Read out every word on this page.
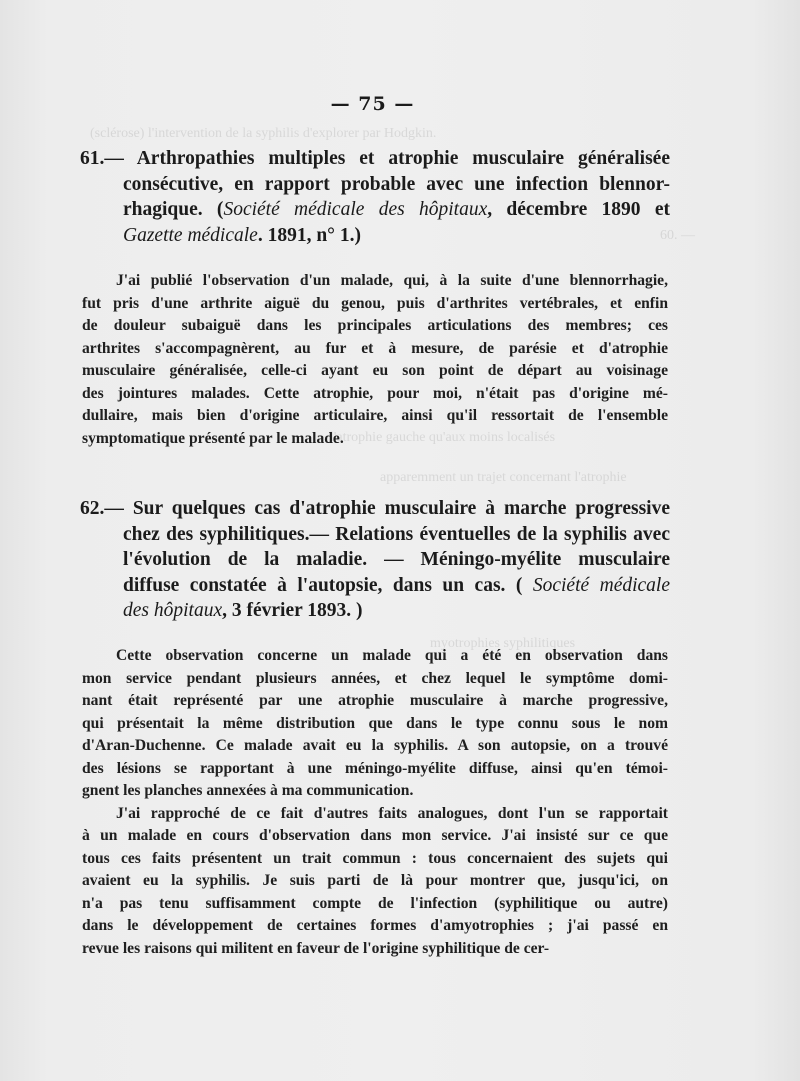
(sclérose) l'intervention de la syphilis d'explorer par Hodgkin.
60. —
l'atrophie gauche qu'aux moins localisés
apparemment un trajet concernant l'atrophie
myotrophies syphilitiques
— 75 —
61.— Arthropathies multiples et atrophie musculaire généralisée
consécutive, en rapport probable avec une infection blennor-
rhagique. (Société médicale des hôpitaux, décembre 1890 et
Gazette médicale. 1891, n° 1.)
J'ai publié l'observation d'un malade, qui, à la suite d'une blennorrhagie,
fut pris d'une arthrite aiguë du genou, puis d'arthrites vertébrales, et enfin
de douleur subaiguë dans les principales articulations des membres; ces
arthrites s'accompagnèrent, au fur et à mesure, de parésie et d'atrophie
musculaire généralisée, celle-ci ayant eu son point de départ au voisinage
des jointures malades. Cette atrophie, pour moi, n'était pas d'origine mé-
dullaire, mais bien d'origine articulaire, ainsi qu'il ressortait de l'ensemble
symptomatique présenté par le malade.
62.— Sur quelques cas d'atrophie musculaire à marche progressive
chez des syphilitiques.— Relations éventuelles de la syphilis avec
l'évolution de la maladie. — Méningo-myélite musculaire
diffuse constatée à l'autopsie, dans un cas. ( Société médicale
des hôpitaux, 3 février 1893. )
Cette observation concerne un malade qui a été en observation dans
mon service pendant plusieurs années, et chez lequel le symptôme domi-
nant était représenté par une atrophie musculaire à marche progressive,
qui présentait la même distribution que dans le type connu sous le nom
d'Aran-Duchenne. Ce malade avait eu la syphilis. A son autopsie, on a trouvé
des lésions se rapportant à une méningo-myélite diffuse, ainsi qu'en témoi-
gnent les planches annexées à ma communication.
J'ai rapproché de ce fait d'autres faits analogues, dont l'un se rapportait
à un malade en cours d'observation dans mon service. J'ai insisté sur ce que
tous ces faits présentent un trait commun : tous concernaient des sujets qui
avaient eu la syphilis. Je suis parti de là pour montrer que, jusqu'ici, on
n'a pas tenu suffisamment compte de l'infection (syphilitique ou autre)
dans le développement de certaines formes d'amyotrophies ; j'ai passé en
revue les raisons qui militent en faveur de l'origine syphilitique de cer-
